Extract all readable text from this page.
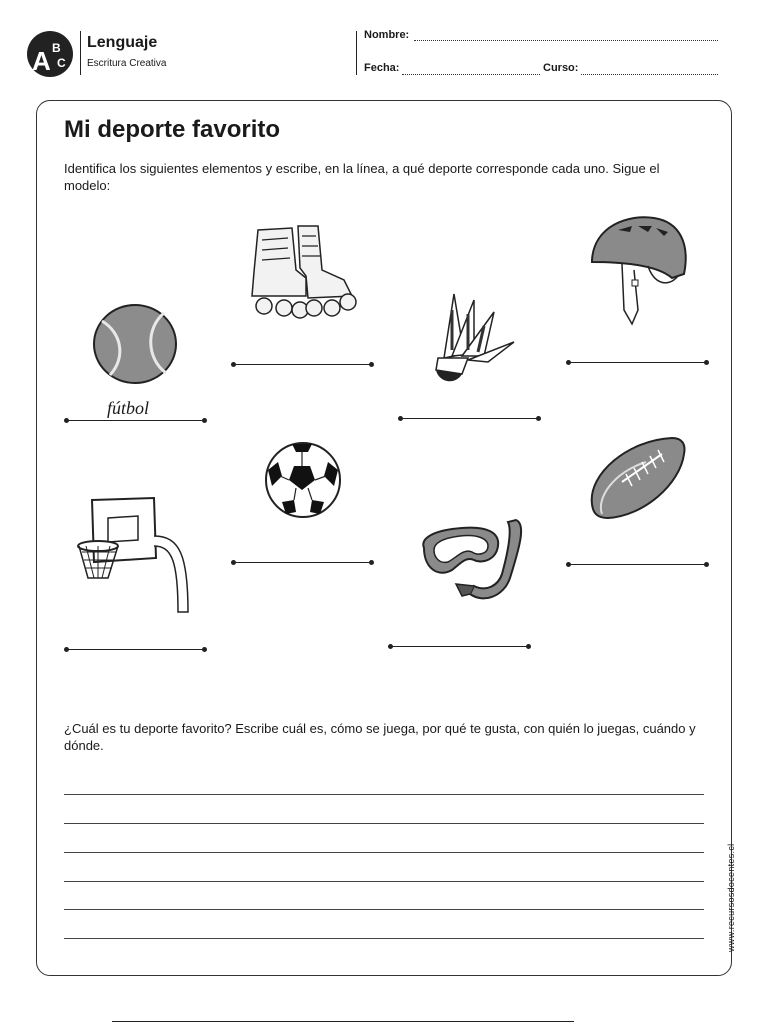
A B
C
Lenguaje
Escritura Creativa
Nombre:
Fecha:	Curso:
Mi deporte favorito
Identifica los siguientes elementos y escribe, en la línea, a qué deporte corresponde cada uno. Sigue el modelo:
fútbol
¿Cuál es tu deporte favorito? Escribe cuál es, cómo se juega, por qué te gusta, con quién lo juegas, cuándo y dónde.
www.recursosdocentes.cl
